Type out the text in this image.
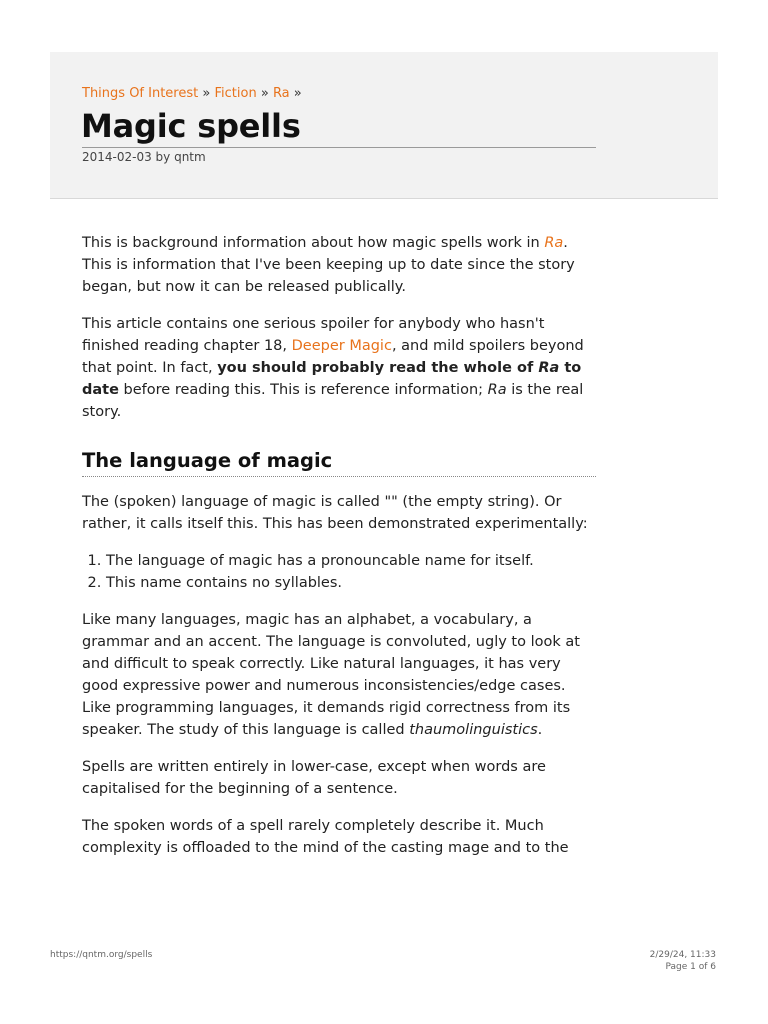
Things Of Interest » Fiction » Ra »
Magic spells
2014-02-03 by qntm

This is background information about how magic spells work in Ra. This is information that I've been keeping up to date since the story began, but now it can be released publically.

This article contains one serious spoiler for anybody who hasn't finished reading chapter 18, Deeper Magic, and mild spoilers beyond that point. In fact, you should probably read the whole of Ra to date before reading this. This is reference information; Ra is the real story.

The language of magic

The (spoken) language of magic is called "" (the empty string). Or rather, it calls itself this. This has been demonstrated experimentally:

1. The language of magic has a pronouncable name for itself.
2. This name contains no syllables.

Like many languages, magic has an alphabet, a vocabulary, a grammar and an accent. The language is convoluted, ugly to look at and difficult to speak correctly. Like natural languages, it has very good expressive power and numerous inconsistencies/edge cases. Like programming languages, it demands rigid correctness from its speaker. The study of this language is called thaumolinguistics.

Spells are written entirely in lower-case, except when words are capitalised for the beginning of a sentence.

The spoken words of a spell rarely completely describe it. Much complexity is offloaded to the mind of the casting mage and to the

https://qntm.org/spells	2/29/24, 11:33
Page 1 of 6
